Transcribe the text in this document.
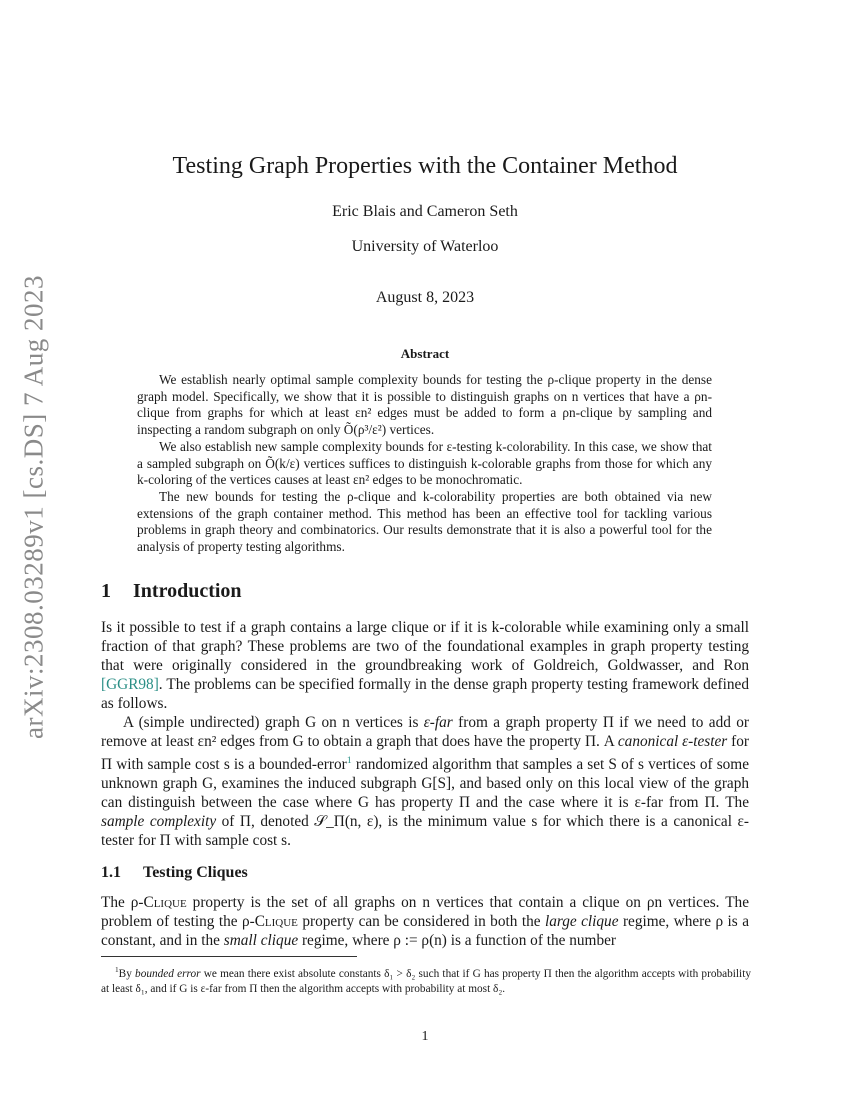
arXiv:2308.03289v1 [cs.DS] 7 Aug 2023
Testing Graph Properties with the Container Method
Eric Blais and Cameron Seth
University of Waterloo
August 8, 2023
Abstract

We establish nearly optimal sample complexity bounds for testing the ρ-clique property in the dense graph model. Specifically, we show that it is possible to distinguish graphs on n vertices that have a ρn-clique from graphs for which at least εn² edges must be added to form a ρn-clique by sampling and inspecting a random subgraph on only Õ(ρ³/ε²) vertices.

We also establish new sample complexity bounds for ε-testing k-colorability. In this case, we show that a sampled subgraph on Õ(k/ε) vertices suffices to distinguish k-colorable graphs from those for which any k-coloring of the vertices causes at least εn² edges to be monochromatic.

The new bounds for testing the ρ-clique and k-colorability properties are both obtained via new extensions of the graph container method. This method has been an effective tool for tackling various problems in graph theory and combinatorics. Our results demonstrate that it is also a powerful tool for the analysis of property testing algorithms.

1 Introduction

Is it possible to test if a graph contains a large clique or if it is k-colorable while examining only a small fraction of that graph? These problems are two of the foundational examples in graph property testing that were originally considered in the groundbreaking work of Goldreich, Goldwasser, and Ron [GGR98]. The problems can be specified formally in the dense graph property testing framework defined as follows.

A (simple undirected) graph G on n vertices is ε-far from a graph property Π if we need to add or remove at least εn² edges from G to obtain a graph that does have the property Π. A canonical ε-tester for Π with sample cost s is a bounded-error$^1$ randomized algorithm that samples a set S of s vertices of some unknown graph G, examines the induced subgraph G[S], and based only on this local view of the graph can distinguish between the case where G has property Π and the case where it is ε-far from Π. The sample complexity of Π, denoted 𝒮_Π(n, ε), is the minimum value s for which there is a canonical ε-tester for Π with sample cost s.

1.1 Testing Cliques

The ρ-Clique property is the set of all graphs on n vertices that contain a clique on ρn vertices. The problem of testing the ρ-Clique property can be considered in both the large clique regime, where ρ is a constant, and in the small clique regime, where ρ := ρ(n) is a function of the number

$^1$By bounded error we mean there exist absolute constants δ₁ > δ₂ such that if G has property Π then the algorithm accepts with probability at least δ₁, and if G is ε-far from Π then the algorithm accepts with probability at most δ₂.

1
